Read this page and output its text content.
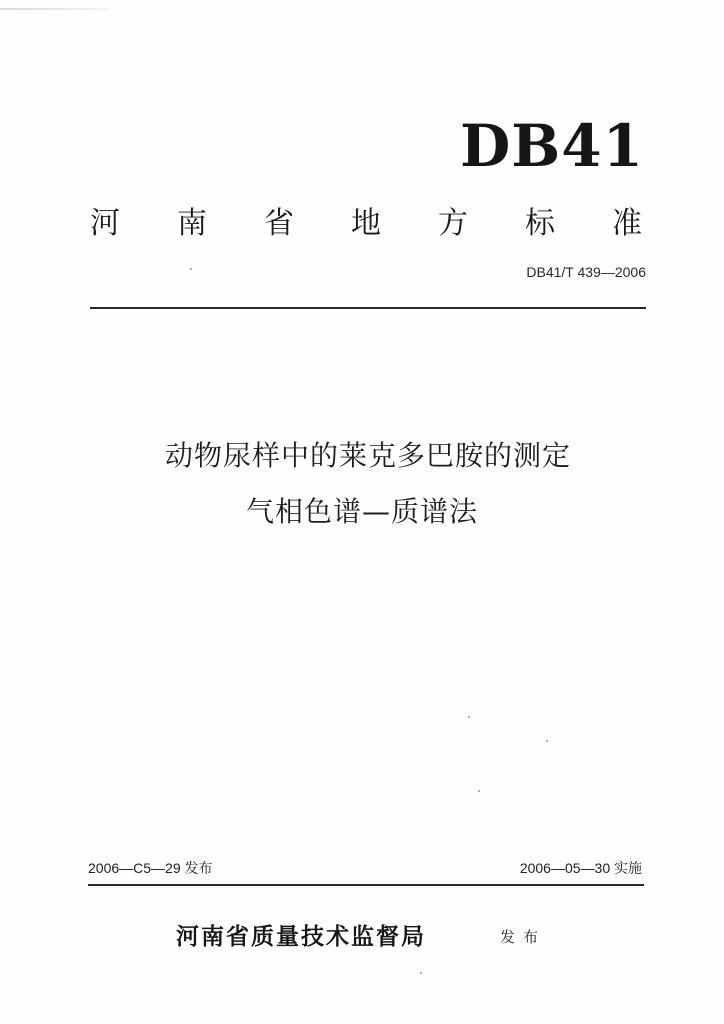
DB41
河 南 省 地 方 标 准
DB41/T 439—2006
动物尿样中的莱克多巴胺的测定
气相色谱—质谱法
2006—C5—29 发布	2006—05—30 实施
河南省质量技术监督局	发布
